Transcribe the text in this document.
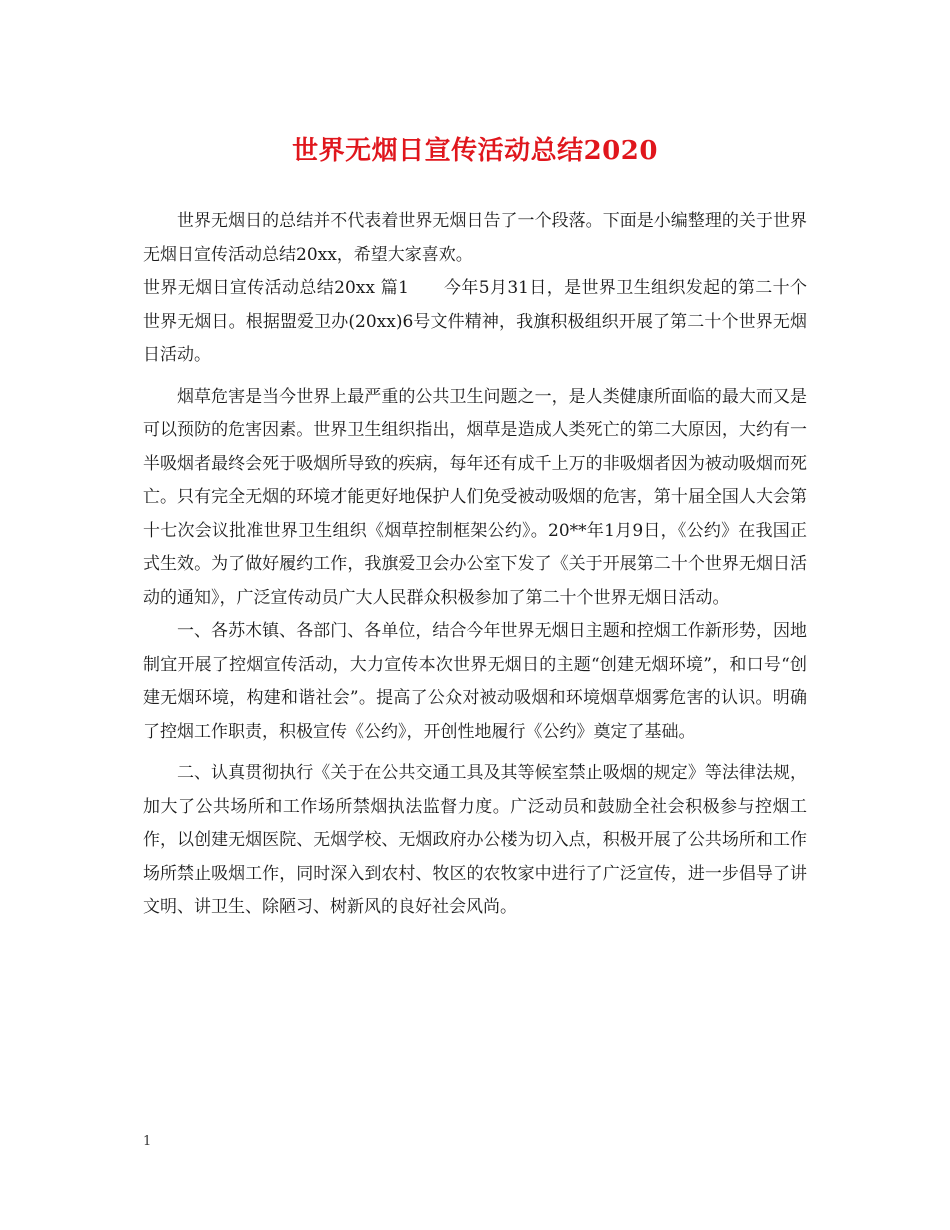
世界无烟日宣传活动总结2020

世界无烟日的总结并不代表着世界无烟日告了一个段落。下面是小编整理的关于世界无烟日宣传活动总结20xx，希望大家喜欢。

世界无烟日宣传活动总结20xx 篇1　　今年5月31日，是世界卫生组织发起的第二十个世界无烟日。根据盟爱卫办(20xx)6号文件精神，我旗积极组织开展了第二十个世界无烟日活动。

烟草危害是当今世界上最严重的公共卫生问题之一，是人类健康所面临的最大而又是可以预防的危害因素。世界卫生组织指出，烟草是造成人类死亡的第二大原因，大约有一半吸烟者最终会死于吸烟所导致的疾病，每年还有成千上万的非吸烟者因为被动吸烟而死亡。只有完全无烟的环境才能更好地保护人们免受被动吸烟的危害，第十届全国人大会第十七次会议批准世界卫生组织《烟草控制框架公约》。20**年1月9日，《公约》在我国正式生效。为了做好履约工作，我旗爱卫会办公室下发了《关于开展第二十个世界无烟日活动的通知》，广泛宣传动员广大人民群众积极参加了第二十个世界无烟日活动。

一、各苏木镇、各部门、各单位，结合今年世界无烟日主题和控烟工作新形势，因地制宜开展了控烟宣传活动，大力宣传本次世界无烟日的主题“创建无烟环境”，和口号“创建无烟环境，构建和谐社会”。提高了公众对被动吸烟和环境烟草烟雾危害的认识。明确了控烟工作职责，积极宣传《公约》，开创性地履行《公约》奠定了基础。

二、认真贯彻执行《关于在公共交通工具及其等候室禁止吸烟的规定》等法律法规，加大了公共场所和工作场所禁烟执法监督力度。广泛动员和鼓励全社会积极参与控烟工作，以创建无烟医院、无烟学校、无烟政府办公楼为切入点，积极开展了公共场所和工作场所禁止吸烟工作，同时深入到农村、牧区的农牧家中进行了广泛宣传，进一步倡导了讲文明、讲卫生、除陋习、树新风的良好社会风尚。

1
